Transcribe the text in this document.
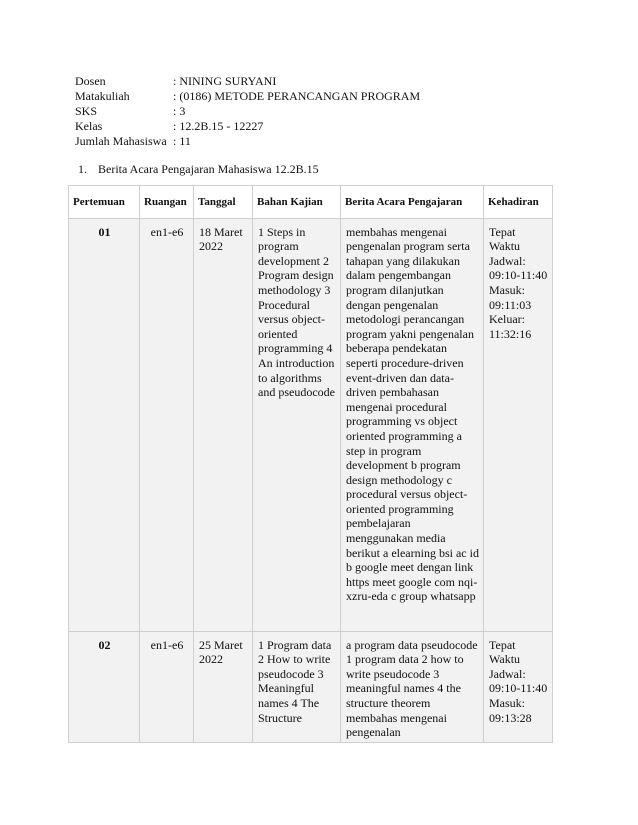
Dosen	: NINING SURYANI
Matakuliah	: (0186) METODE PERANCANGAN PROGRAM
SKS	: 3
Kelas	: 12.2B.15 - 12227
Jumlah Mahasiswa : 11
1. Berita Acara Pengajaran Mahasiswa 12.2B.15
Pertemuan	Ruangan	Tanggal	Bahan Kajian	Berita Acara Pengajaran	Kehadiran
01	en1-e6	18 Maret 2022	1 Steps in program development 2 Program design methodology 3 Procedural versus object-oriented programming 4 An introduction to algorithms and pseudocode	membahas mengenai pengenalan program serta tahapan yang dilakukan dalam pengembangan program dilanjutkan dengan pengenalan metodologi perancangan program yakni pengenalan beberapa pendekatan seperti procedure-driven event-driven dan data-driven pembahasan mengenai procedural programming vs object oriented programming a step in program development b program design methodology c procedural versus object-oriented programming pembelajaran menggunakan media berikut a elearning bsi ac id b google meet dengan link https meet google com nqi-xzru-eda c group whatsapp	Tepat Waktu Jadwal: 09:10-11:40 Masuk: 09:11:03 Keluar: 11:32:16
02	en1-e6	25 Maret 2022	1 Program data 2 How to write pseudocode 3 Meaningful names 4 The Structure	a program data pseudocode 1 program data 2 how to write pseudocode 3 meaningful names 4 the structure theorem membahas mengenai pengenalan	Tepat Waktu Jadwal: 09:10-11:40 Masuk: 09:13:28
